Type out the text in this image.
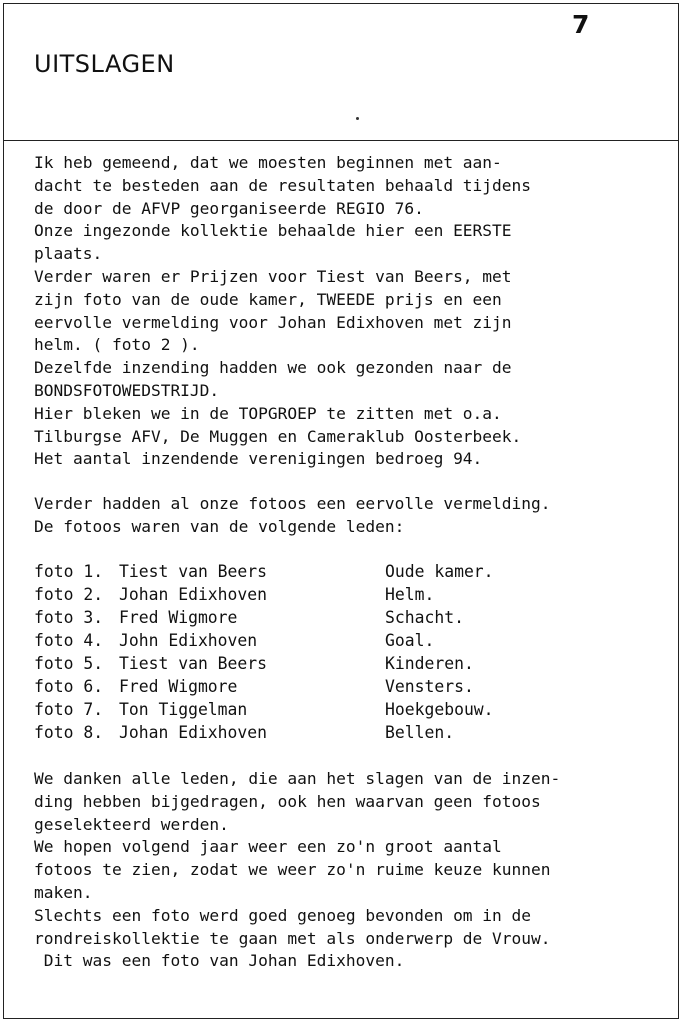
7
UITSLAGEN
Ik heb gemeend, dat we moesten beginnen met aan-
dacht te besteden aan de resultaten behaald tijdens
de door de AFVP georganiseerde REGIO 76.
Onze ingezonde kollektie behaalde hier een EERSTE
plaats.
Verder waren er Prijzen voor Tiest van Beers, met
zijn foto van de oude kamer, TWEEDE prijs en een
eervolle vermelding voor Johan Edixhoven met zijn
helm. ( foto 2 ).
Dezelfde inzending hadden we ook gezonden naar de
BONDSFOTOWEDSTRIJD.
Hier bleken we in de TOPGROEP te zitten met o.a.
Tilburgse AFV, De Muggen en Cameraklub Oosterbeek.
Het aantal inzendende verenigingen bedroeg 94.
Verder hadden al onze fotoos een eervolle vermelding.
De fotoos waren van de volgende leden:
foto 1. Tiest van Beers	Oude kamer.
foto 2. Johan Edixhoven	Helm.
foto 3. Fred Wigmore	Schacht.
foto 4. John Edixhoven	Goal.
foto 5. Tiest van Beers	Kinderen.
foto 6. Fred Wigmore	Vensters.
foto 7. Ton Tiggelman	Hoekgebouw.
foto 8. Johan Edixhoven	Bellen.
We danken alle leden, die aan het slagen van de inzen-
ding hebben bijgedragen, ook hen waarvan geen fotoos
geselekteerd werden.
We hopen volgend jaar weer een zo'n groot aantal
fotoos te zien, zodat we weer zo'n ruime keuze kunnen
maken.
Slechts een foto werd goed genoeg bevonden om in de
rondreiskollektie te gaan met als onderwerp de Vrouw.
Dit was een foto van Johan Edixhoven.
